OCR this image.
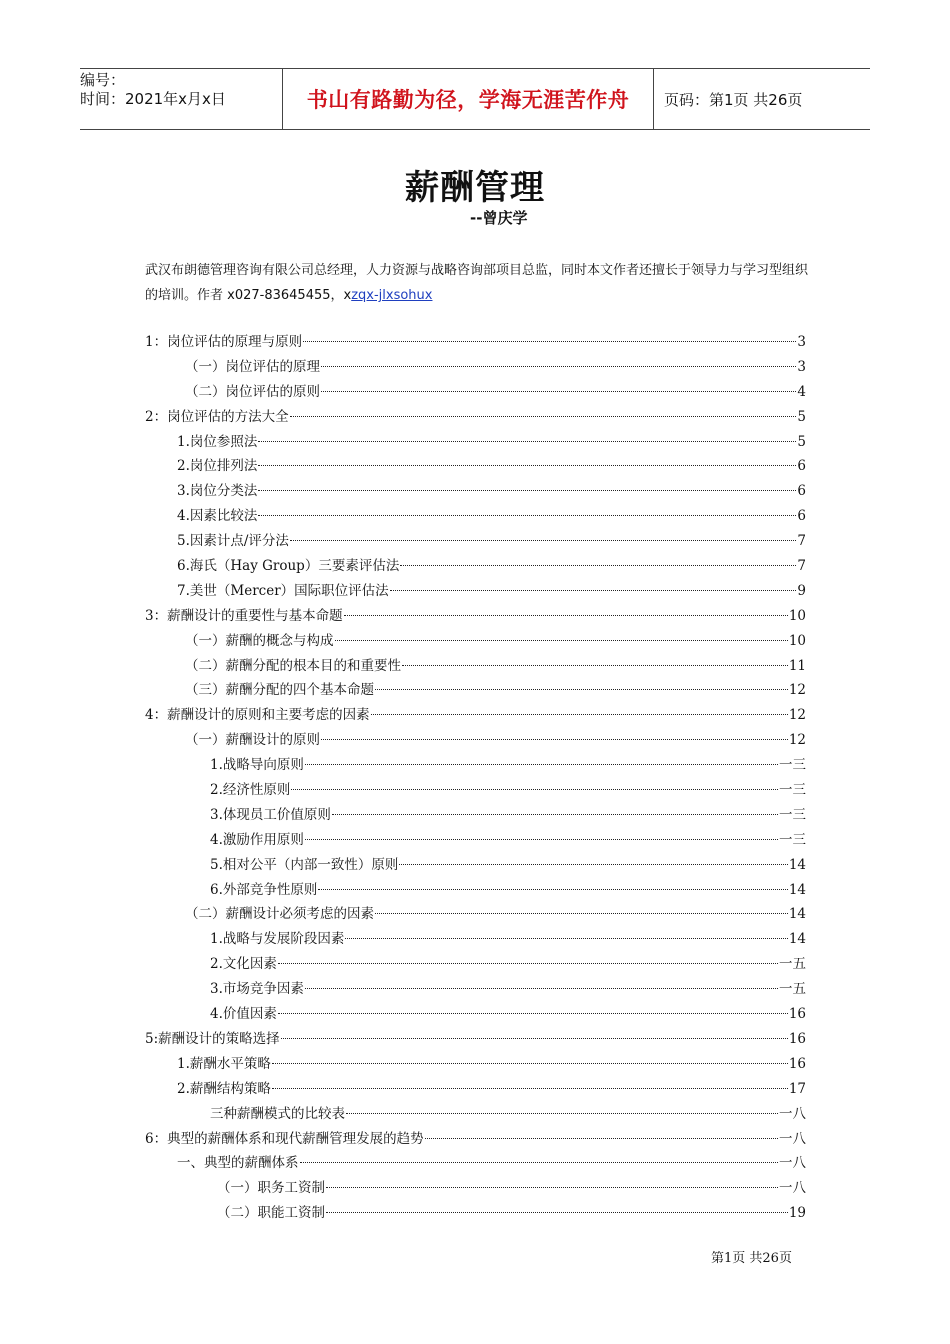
编号：
时间：2021年x月x日	书山有路勤为径，学海无涯苦作舟	页码：第1页 共26页
薪酬管理
--曾庆学
武汉布朗德管理咨询有限公司总经理，人力资源与战略咨询部项目总监，同时本文作者还擅长于领导力与学习型组织的培训。作者 x027-83645455，xzqx-jlxsohux
1：岗位评估的原理与原则	3
（一）岗位评估的原理	3
（二）岗位评估的原则	4
2：岗位评估的方法大全	5
1.岗位参照法	5
2.岗位排列法	6
3.岗位分类法	6
4.因素比较法	6
5.因素计点/评分法	7
6.海氏（Hay Group）三要素评估法	7
7.美世（Mercer）国际职位评估法	9
3：薪酬设计的重要性与基本命题	10
（一）薪酬的概念与构成	10
（二）薪酬分配的根本目的和重要性	11
（三）薪酬分配的四个基本命题	12
4：薪酬设计的原则和主要考虑的因素	12
（一）薪酬设计的原则	12
1.战略导向原则	一三
2.经济性原则	一三
3.体现员工价值原则	一三
4.激励作用原则	一三
5.相对公平（内部一致性）原则	14
6.外部竞争性原则	14
（二）薪酬设计必须考虑的因素	14
1.战略与发展阶段因素	14
2.文化因素	一五
3.市场竞争因素	一五
4.价值因素	16
5:薪酬设计的策略选择	16
1.薪酬水平策略	16
2.薪酬结构策略	17
三种薪酬模式的比较表	一八
6：典型的薪酬体系和现代薪酬管理发展的趋势	一八
一、典型的薪酬体系	一八
（一）职务工资制	一八
（二）职能工资制	19
第1页 共26页
